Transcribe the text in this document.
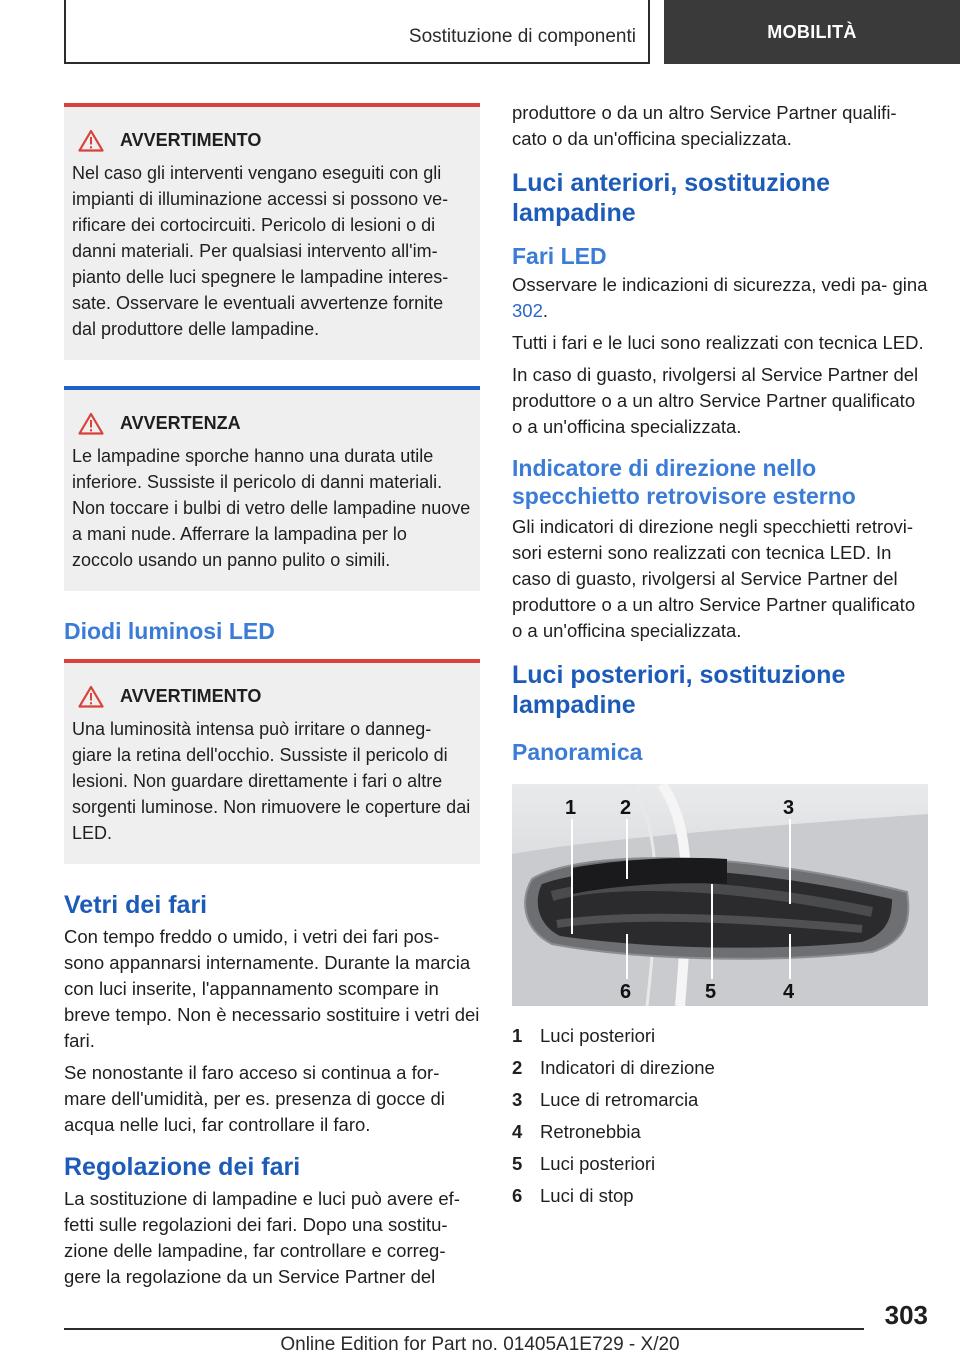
Sostituzione di componenti	MOBILITÀ
AVVERTIMENTO

Nel caso gli interventi vengano eseguiti con gli impianti di illuminazione accessi si possono ve- rificare dei cortocircuiti. Pericolo di lesioni o di danni materiali. Per qualsiasi intervento all'im- pianto delle luci spegnere le lampadine interes- sate. Osservare le eventuali avvertenze fornite dal produttore delle lampadine.

AVVERTENZA

Le lampadine sporche hanno una durata utile inferiore. Sussiste il pericolo di danni materiali. Non toccare i bulbi di vetro delle lampadine nuove a mani nude. Afferrare la lampadina per lo zoccolo usando un panno pulito o simili.

Diodi luminosi LED
AVVERTIMENTO

Una luminosità intensa può irritare o danneg- giare la retina dell'occhio. Sussiste il pericolo di lesioni. Non guardare direttamente i fari o altre sorgenti luminose. Non rimuovere le coperture dai LED.

Vetri dei fari

Con tempo freddo o umido, i vetri dei fari pos- sono appannarsi internamente. Durante la marcia con luci inserite, l'appannamento scompare in breve tempo. Non è necessario sostituire i vetri dei fari.

Se nonostante il faro acceso si continua a for- mare dell'umidità, per es. presenza di gocce di acqua nelle luci, far controllare il faro.

Regolazione dei fari

La sostituzione di lampadine e luci può avere ef- fetti sulle regolazioni dei fari. Dopo una sostitu- zione delle lampadine, far controllare e correg- gere la regolazione da un Service Partner del

produttore o da un altro Service Partner qualifi- cato o da un'officina specializzata.

Luci anteriori, sostituzione lampadine
Fari LED

Osservare le indicazioni di sicurezza, vedi pa- gina 302.

Tutti i fari e le luci sono realizzati con tecnica LED.

In caso di guasto, rivolgersi al Service Partner del produttore o a un altro Service Partner qualificato o a un'officina specializzata.

Indicatore di direzione nello specchietto retrovisore esterno

Gli indicatori di direzione negli specchietti retrovi- sori esterni sono realizzati con tecnica LED. In caso di guasto, rivolgersi al Service Partner del produttore o a un altro Service Partner qualificato o a un'officina specializzata.

Luci posteriori, sostituzione lampadine
Panoramica
1 2	3
4
5
6
1 Luci posteriori
2 Indicatori di direzione
3 Luce di retromarcia
4 Retronebbia
5 Luci posteriori
6 Luci di stop
303
Online Edition for Part no. 01405A1E729 - X/20
